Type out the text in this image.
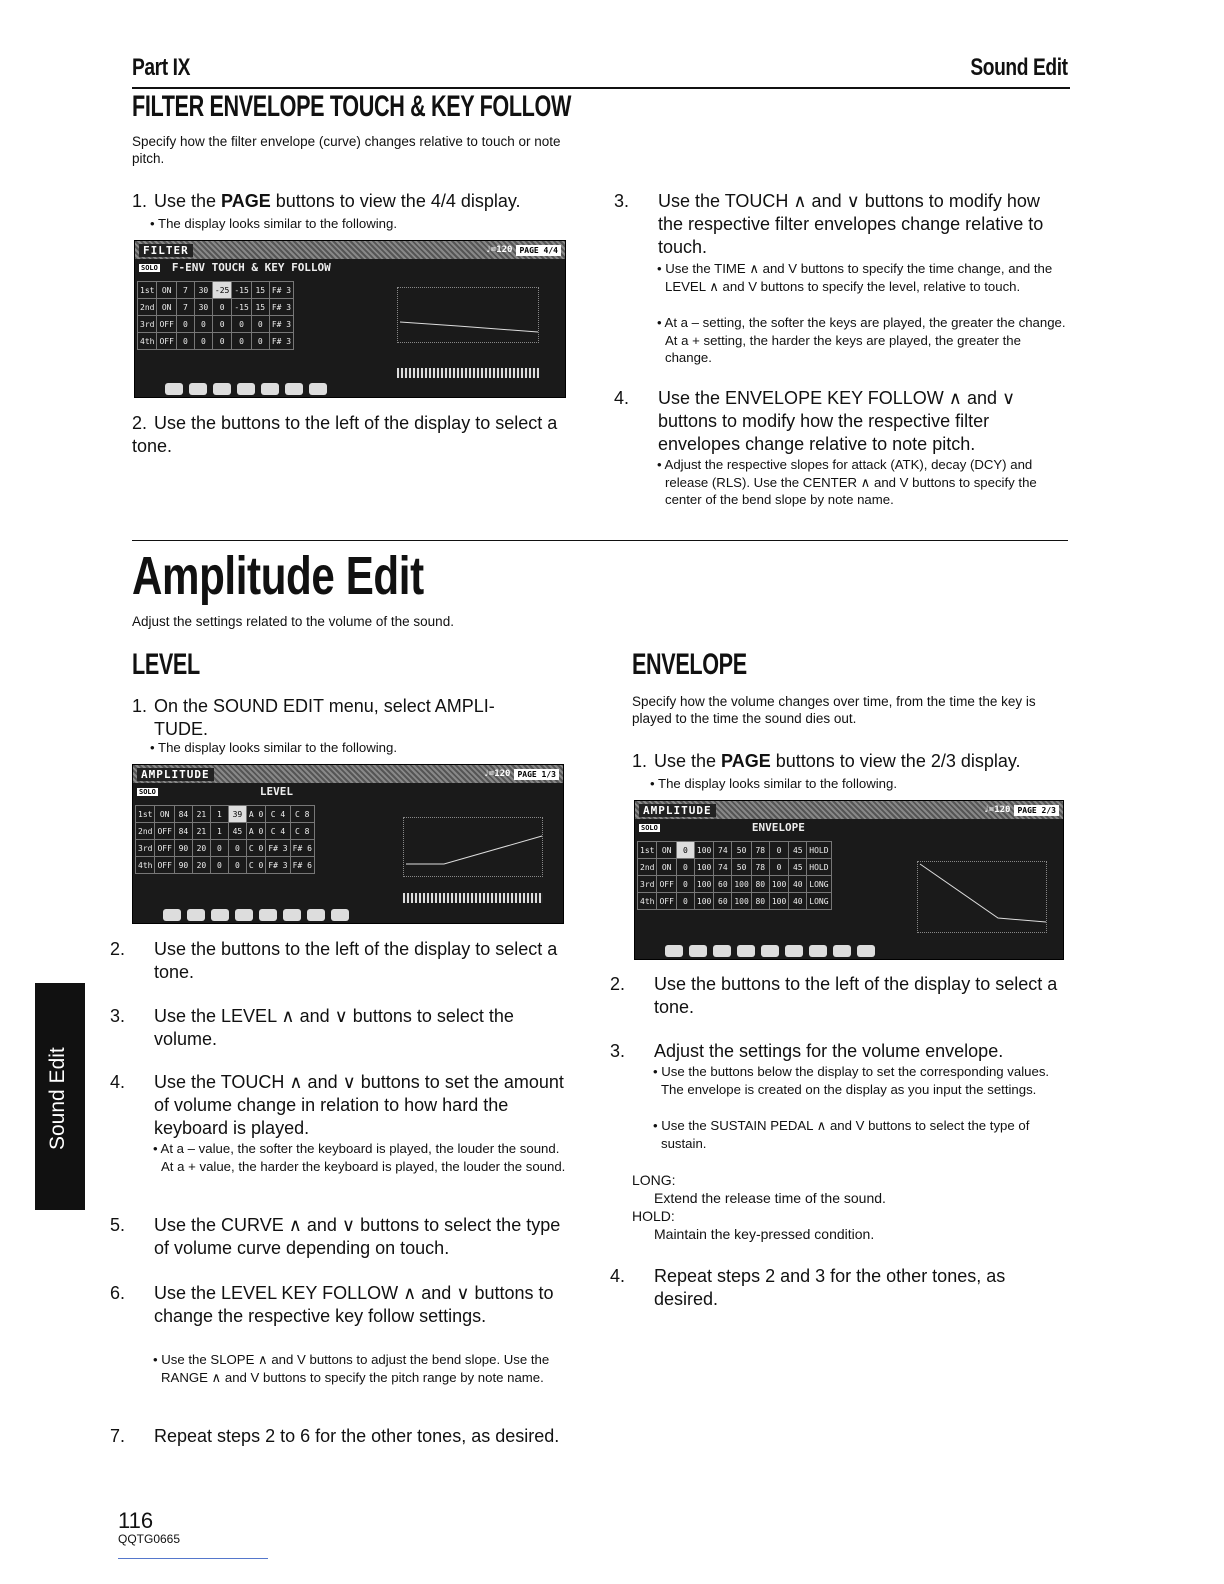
Part IX	Sound Edit
FILTER ENVELOPE TOUCH & KEY FOLLOW
Specify how the filter envelope (curve) changes relative to touch or note pitch.
1. Use the PAGE buttons to view the 4/4 display.
• The display looks similar to the following.
FILTER	♩=120 PAGE 4/4
SOLO F-ENV TOUCH & KEY FOLLOW
1st	ON	7	30	-25	-15	15	F# 3
2nd	ON	7	30	0	-15	15	F# 3
3rd	OFF	0	0	0	0	0	F# 3
4th	OFF	0	0	0	0	0	F# 3
2. Use the buttons to the left of the display to select a tone.
3. Use the TOUCH ∧ and ∨ buttons to modify how the respective filter envelopes change relative to touch.
• Use the TIME ∧ and V buttons to specify the time change, and the LEVEL ∧ and V buttons to specify the level, relative to touch.
• At a – setting, the softer the keys are played, the greater the change. At a + setting, the harder the keys are played, the greater the change.
4. Use the ENVELOPE KEY FOLLOW ∧ and ∨ buttons to modify how the respective filter envelopes change relative to note pitch.
• Adjust the respective slopes for attack (ATK), decay (DCY) and release (RLS). Use the CENTER ∧ and V buttons to specify the center of the bend slope by note name.
Amplitude Edit
Adjust the settings related to the volume of the sound.
LEVEL
1. On the SOUND EDIT menu, select AMPLI-
TUDE.
• The display looks similar to the following.
AMPLITUDE	♩=120 PAGE 1/3
SOLO	LEVEL
1st	ON	84	21	1	39	A 0	C 4	C 8
2nd	OFF	84	21	1	45	A 0	C 4	C 8
3rd	OFF	90	20	0	0	C 0	F# 3	F# 6
4th	OFF	90	20	0	0	C 0	F# 3	F# 6
2. Use the buttons to the left of the display to select a tone.
3. Use the LEVEL ∧ and ∨ buttons to select the volume.
4. Use the TOUCH ∧ and ∨ buttons to set the amount of volume change in relation to how hard the keyboard is played.
• At a – value, the softer the keyboard is played, the louder the sound. At a + value, the harder the keyboard is played, the louder the sound.
5. Use the CURVE ∧ and ∨ buttons to select the type of volume curve depending on touch.
6. Use the LEVEL KEY FOLLOW ∧ and ∨ buttons to change the respective key follow settings.
• Use the SLOPE ∧ and V buttons to adjust the bend slope. Use the RANGE ∧ and V buttons to specify the pitch range by note name.
7. Repeat steps 2 to 6 for the other tones, as desired.
ENVELOPE
Specify how the volume changes over time, from the time the key is played to the time the sound dies out.
1. Use the PAGE buttons to view the 2/3 display.
• The display looks similar to the following.
AMPLITUDE	♩=120 PAGE 2/3
SOLO	ENVELOPE
1st	ON	0	100	74	50	78	0	45	HOLD
2nd	ON	0	100	74	50	78	0	45	HOLD
3rd	OFF	0	100	60	100	80	100	40	LONG
4th	OFF	0	100	60	100	80	100	40	LONG
2. Use the buttons to the left of the display to select a tone.
3. Adjust the settings for the volume envelope.
• Use the buttons below the display to set the corresponding values. The envelope is created on the display as you input the settings.
• Use the SUSTAIN PEDAL ∧ and V buttons to select the type of sustain.
LONG:
Extend the release time of the sound.
HOLD:
Maintain the key-pressed condition.
4. Repeat steps 2 and 3 for the other tones, as desired.
Sound Edit
116
QQTG0665
